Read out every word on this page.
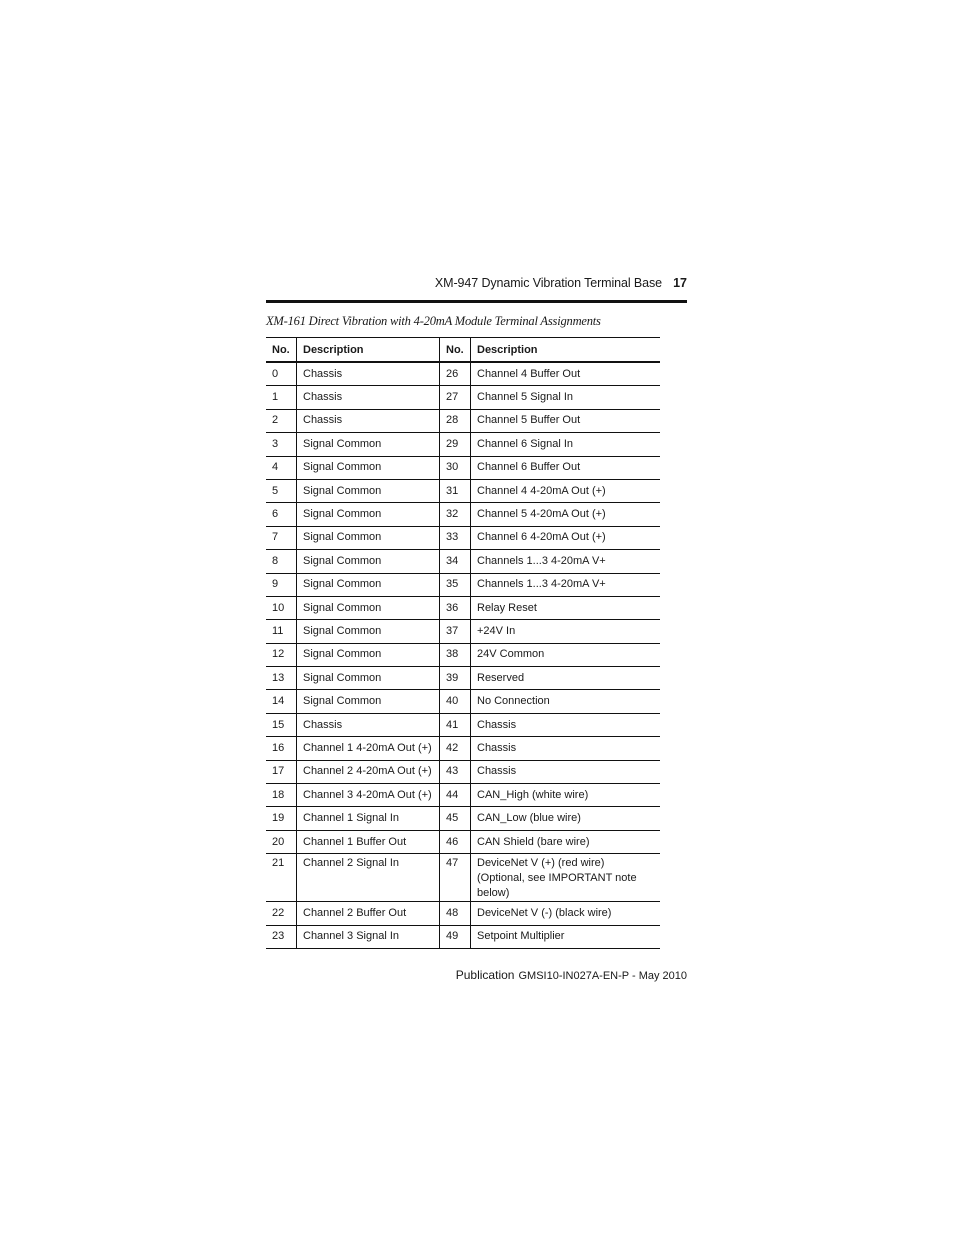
XM-947 Dynamic Vibration Terminal Base 17
XM-161 Direct Vibration with 4-20mA Module Terminal Assignments
No.	Description	No.	Description
0	Chassis	26	Channel 4 Buffer Out
1	Chassis	27	Channel 5 Signal In
2	Chassis	28	Channel 5 Buffer Out
3	Signal Common	29	Channel 6 Signal In
4	Signal Common	30	Channel 6 Buffer Out
5	Signal Common	31	Channel 4 4-20mA Out (+)
6	Signal Common	32	Channel 5 4-20mA Out (+)
7	Signal Common	33	Channel 6 4-20mA Out (+)
8	Signal Common	34	Channels 1...3 4-20mA V+
9	Signal Common	35	Channels 1...3 4-20mA V+
10	Signal Common	36	Relay Reset
11	Signal Common	37	+24V In
12	Signal Common	38	24V Common
13	Signal Common	39	Reserved
14	Signal Common	40	No Connection
15	Chassis	41	Chassis
16	Channel 1 4-20mA Out (+)	42	Chassis
17	Channel 2 4-20mA Out (+)	43	Chassis
18	Channel 3 4-20mA Out (+)	44	CAN_High (white wire)
19	Channel 1 Signal In	45	CAN_Low (blue wire)
20	Channel 1 Buffer Out	46	CAN Shield (bare wire)
21	Channel 2 Signal In	47	DeviceNet V (+) (red wire) (Optional, see IMPORTANT note below)
22	Channel 2 Buffer Out	48	DeviceNet V (-) (black wire)
23	Channel 3 Signal In	49	Setpoint Multiplier
Publication GMSI10-IN027A-EN-P - May 2010
